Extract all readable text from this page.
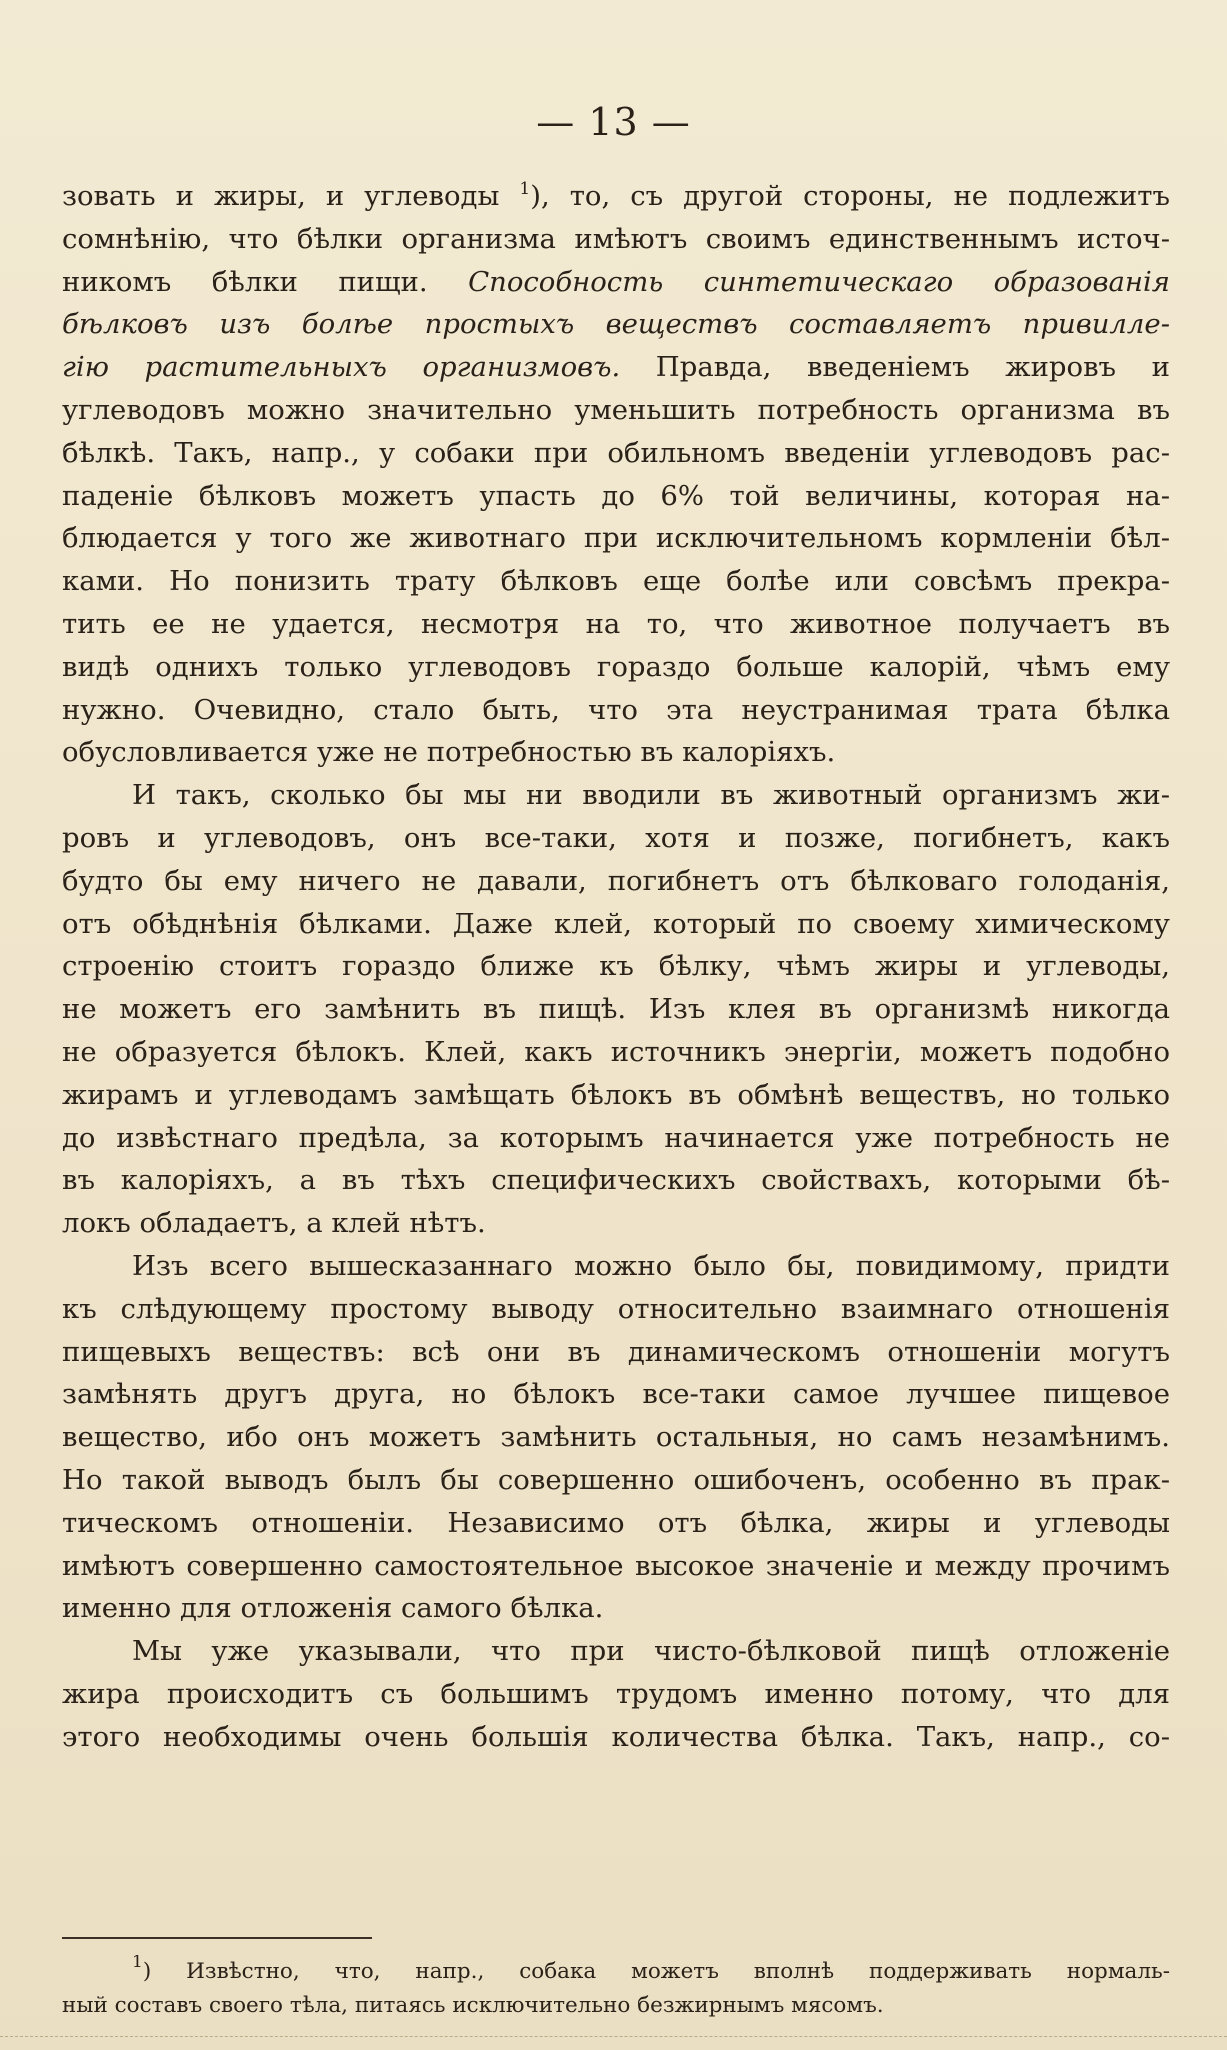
— 13 —
зовать и жиры, и углеводы $^1$), то, съ другой стороны, не подлежитъ
сомнѣнію, что бѣлки организма имѣютъ своимъ единственнымъ источ-
никомъ бѣлки пищи. Способность синтетическаго образованія
бѣлковъ изъ болѣе простыхъ веществъ составляетъ привилле-
гію растительныхъ организмовъ. Правда, введеніемъ жировъ и
углеводовъ можно значительно уменьшить потребность организма въ
бѣлкѣ. Такъ, напр., у собаки при обильномъ введеніи углеводовъ рас-
паденіе бѣлковъ можетъ упасть до 6% той величины, которая на-
блюдается у того же животнаго при исключительномъ кормленіи бѣл-
ками. Но понизить трату бѣлковъ еще болѣе или совсѣмъ прекра-
тить ее не удается, несмотря на то, что животное получаетъ въ
видѣ однихъ только углеводовъ гораздо больше калорій, чѣмъ ему
нужно. Очевидно, стало быть, что эта неустранимая трата бѣлка
обусловливается уже не потребностью въ калоріяхъ.
И такъ, сколько бы мы ни вводили въ животный организмъ жи-
ровъ и углеводовъ, онъ все-таки, хотя и позже, погибнетъ, какъ
будто бы ему ничего не давали, погибнетъ отъ бѣлковаго голоданія,
отъ обѣднѣнія бѣлками. Даже клей, который по своему химическому
строенію стоитъ гораздо ближе къ бѣлку, чѣмъ жиры и углеводы,
не можетъ его замѣнить въ пищѣ. Изъ клея въ организмѣ никогда
не образуется бѣлокъ. Клей, какъ источникъ энергіи, можетъ подобно
жирамъ и углеводамъ замѣщать бѣлокъ въ обмѣнѣ веществъ, но только
до извѣстнаго предѣла, за которымъ начинается уже потребность не
въ калоріяхъ, а въ тѣхъ специфическихъ свойствахъ, которыми бѣ-
локъ обладаетъ, а клей нѣтъ.
Изъ всего вышесказаннаго можно было бы, повидимому, придти
къ слѣдующему простому выводу относительно взаимнаго отношенія
пищевыхъ веществъ: всѣ они въ динамическомъ отношеніи могутъ
замѣнять другъ друга, но бѣлокъ все-таки самое лучшее пищевое
вещество, ибо онъ можетъ замѣнить остальныя, но самъ незамѣнимъ.
Но такой выводъ былъ бы совершенно ошибоченъ, особенно въ прак-
тическомъ отношеніи. Независимо отъ бѣлка, жиры и углеводы
имѣютъ совершенно самостоятельное высокое значеніе и между прочимъ
именно для отложенія самого бѣлка.
Мы уже указывали, что при чисто-бѣлковой пищѣ отложеніе
жира происходитъ съ большимъ трудомъ именно потому, что для
этого необходимы очень большія количества бѣлка. Такъ, напр., со-
$^1$) Извѣстно, что, напр., собака можетъ вполнѣ поддерживать нормаль-
ный составъ своего тѣла, питаясь исключительно безжирнымъ мясомъ.
